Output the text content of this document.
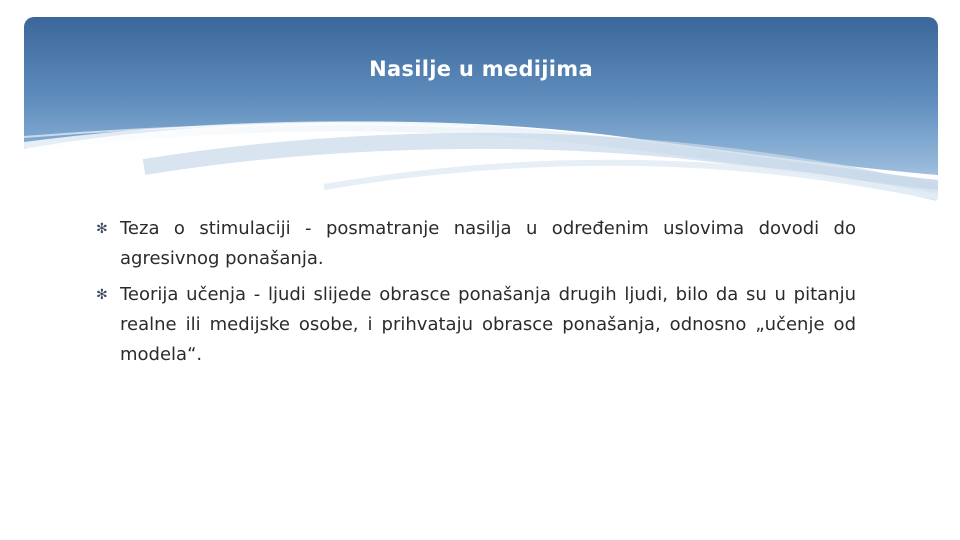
Nasilje u medijima
✻ Teza o stimulaciji - posmatranje nasilja u određenim uslovima dovodi do agresivnog ponašanja.
✻ Teorija učenja - ljudi slijede obrasce ponašanja drugih ljudi, bilo da su u pitanju realne ili medijske osobe, i prihvataju obrasce ponašanja, odnosno „učenje od modela“.
